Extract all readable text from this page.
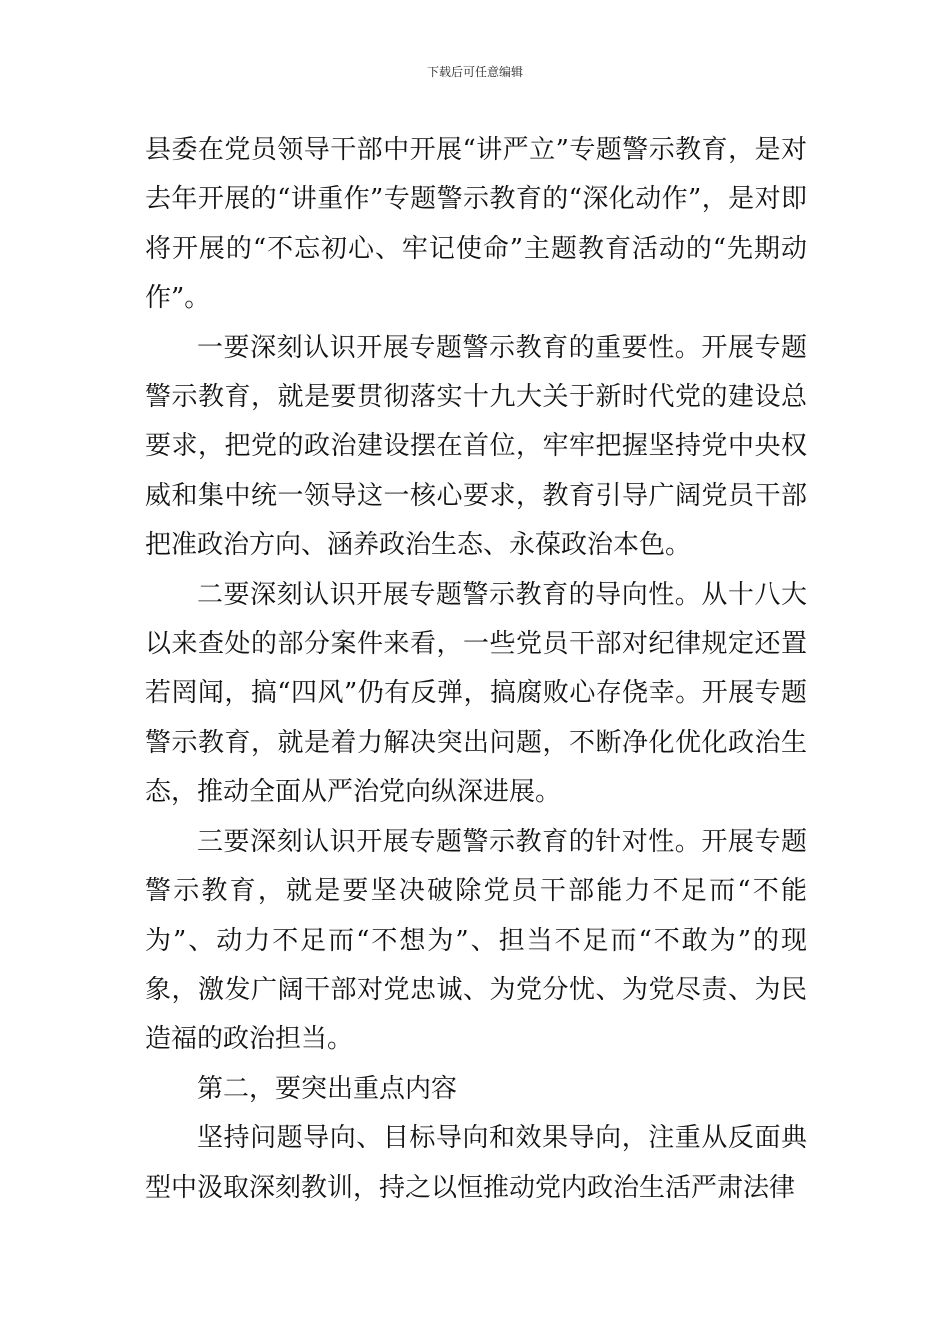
下载后可任意编辑

县委在党员领导干部中开展“讲严立”专题警示教育，是对去年开展的“讲重作”专题警示教育的“深化动作”，是对即将开展的“不忘初心、牢记使命”主题教育活动的“先期动作”。

一要深刻认识开展专题警示教育的重要性。开展专题警示教育，就是要贯彻落实十九大关于新时代党的建设总要求，把党的政治建设摆在首位，牢牢把握坚持党中央权威和集中统一领导这一核心要求，教育引导广阔党员干部把准政治方向、涵养政治生态、永葆政治本色。

二要深刻认识开展专题警示教育的导向性。从十八大以来查处的部分案件来看，一些党员干部对纪律规定还置若罔闻，搞“四风”仍有反弹，搞腐败心存侥幸。开展专题警示教育，就是着力解决突出问题，不断净化优化政治生态，推动全面从严治党向纵深进展。

三要深刻认识开展专题警示教育的针对性。开展专题警示教育，就是要坚决破除党员干部能力不足而“不能为”、动力不足而“不想为”、担当不足而“不敢为”的现象，激发广阔干部对党忠诚、为党分忧、为党尽责、为民造福的政治担当。

第二，要突出重点内容

坚持问题导向、目标导向和效果导向，注重从反面典型中汲取深刻教训，持之以恒推动党内政治生活严肃法律
